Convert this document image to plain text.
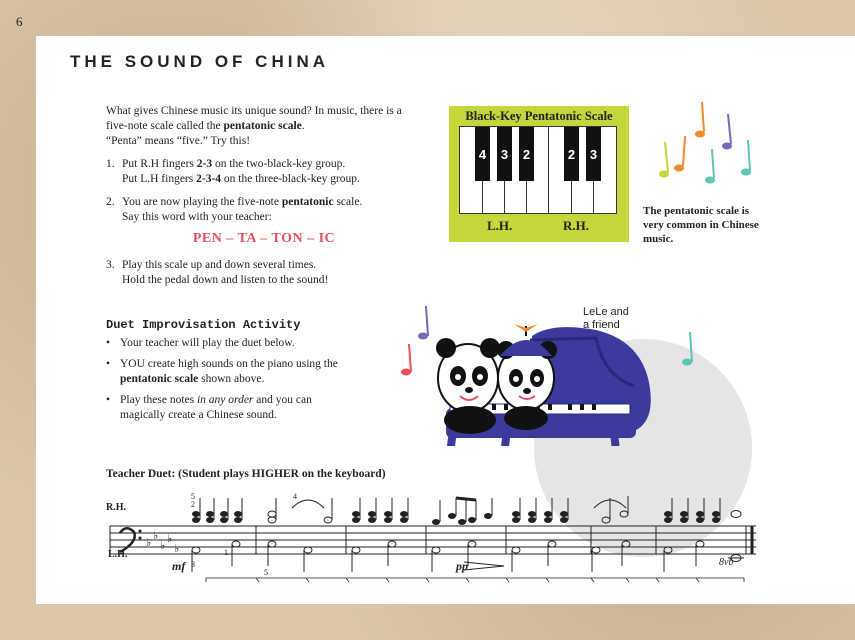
6
THE SOUND OF CHINA

What gives Chinese music its unique sound? In music, there is a five-note scale called the pentatonic scale.
“Penta” means “five.” Try this!

1. Put R.H fingers 2-3 on the two-black-key group.
Put L.H fingers 2-3-4 on the three-black-key group.
2. You are now playing the five-note pentatonic scale.
Say this word with your teacher:
PEN – TA – TON – IC
3. Play this scale up and down several times.
Hold the pedal down and listen to the sound!
Duet Improvisation Activity
• Your teacher will play the duet below.
• YOU create high sounds on the piano using the pentatonic scale shown above.
• Play these notes in any order and you can magically create a Chinese sound.
Black-Key Pentatonic Scale
4 3 2	2 3
L.H.	R.H.
The pentatonic scale is very common in Chinese music.
LeLe and
a friend
Teacher Duet: (Student plays HIGHER on the keyboard)
R.H.
L.H.
mf	pp	8vb
5
2
4
3
1
5
♭
♭
♭
♭
♭
